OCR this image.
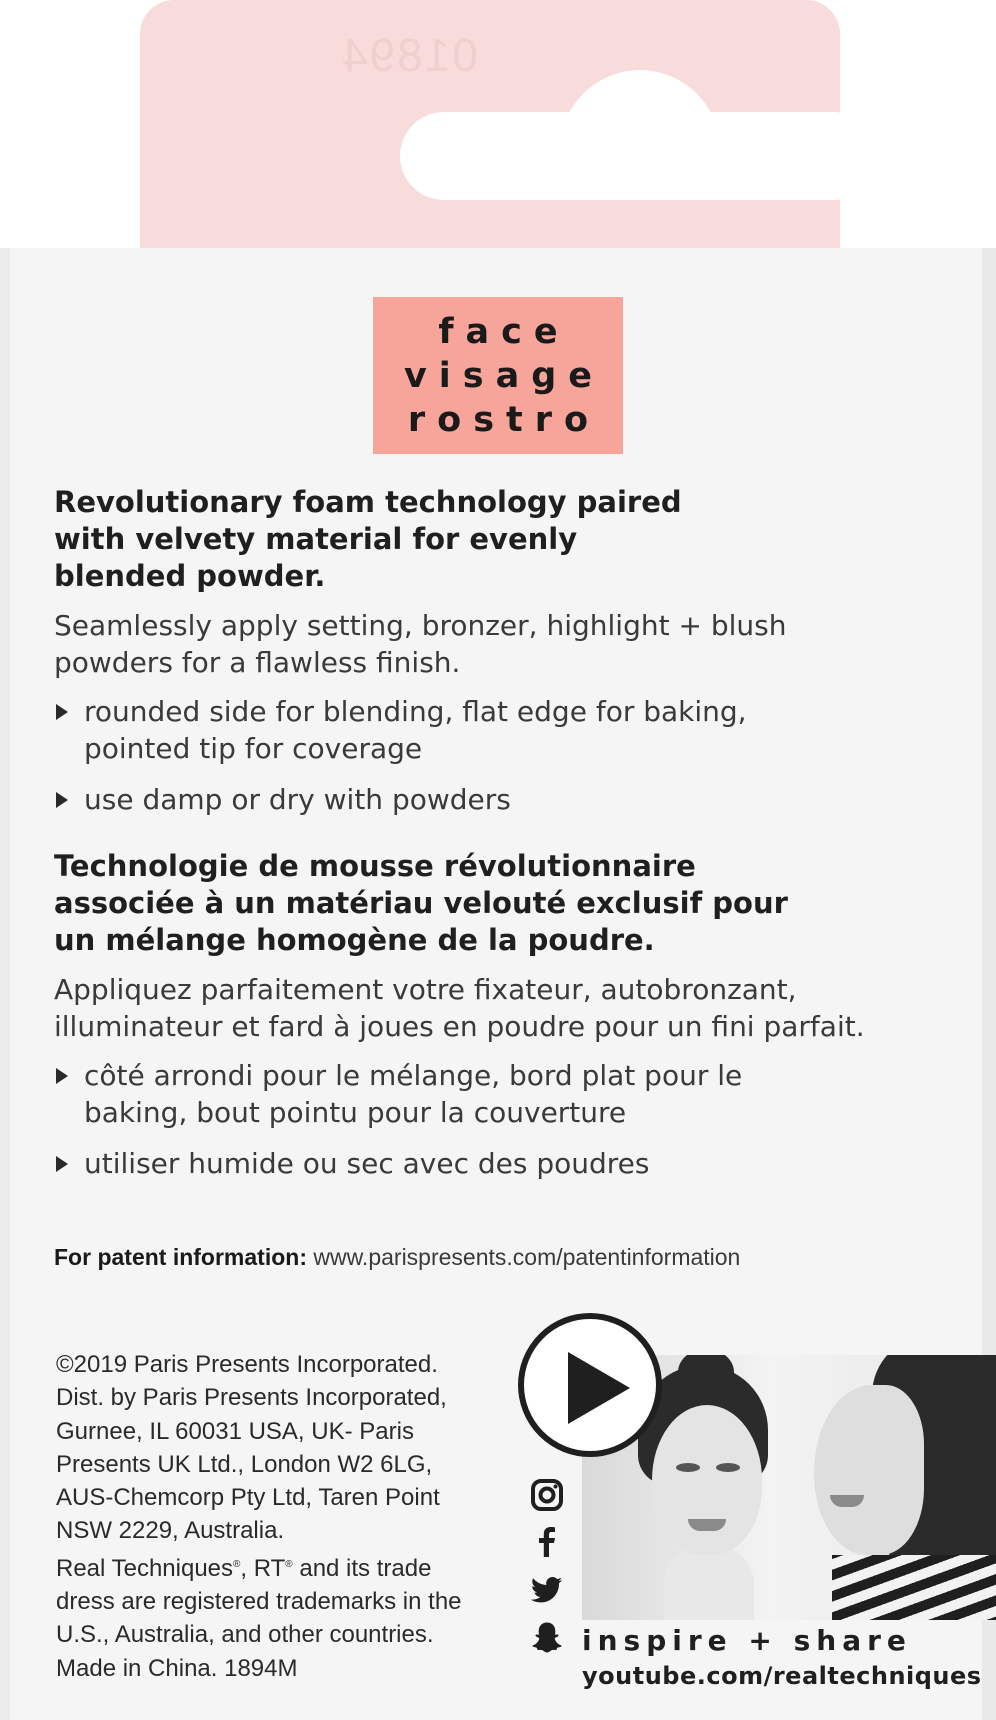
01894
face
visage
rostro

Revolutionary foam technology paired
with velvety material for evenly
blended powder.

Seamlessly apply setting, bronzer, highlight + blush
powders for a flawless finish.

rounded side for blending, flat edge for baking,
pointed tip for coverage
use damp or dry with powders

Technologie de mousse révolutionnaire
associée à un matériau velouté exclusif pour
un mélange homogène de la poudre.

Appliquez parfaitement votre fixateur, autobronzant,
illuminateur et fard à joues en poudre pour un fini parfait.

côté arrondi pour le mélange, bord plat pour le
baking, bout pointu pour la couverture
utiliser humide ou sec avec des poudres
For patent information: www.parispresents.com/patentinformation
©2019 Paris Presents Incorporated.
Dist. by Paris Presents Incorporated,
Gurnee, IL 60031 USA, UK- Paris
Presents UK Ltd., London W2 6LG,
AUS-Chemcorp Pty Ltd, Taren Point
NSW 2229, Australia.
Real Techniques®, RT® and its trade
dress are registered trademarks in the
U.S., Australia, and other countries.
Made in China. 1894M
inspire + share
youtube.com/realtechniques
